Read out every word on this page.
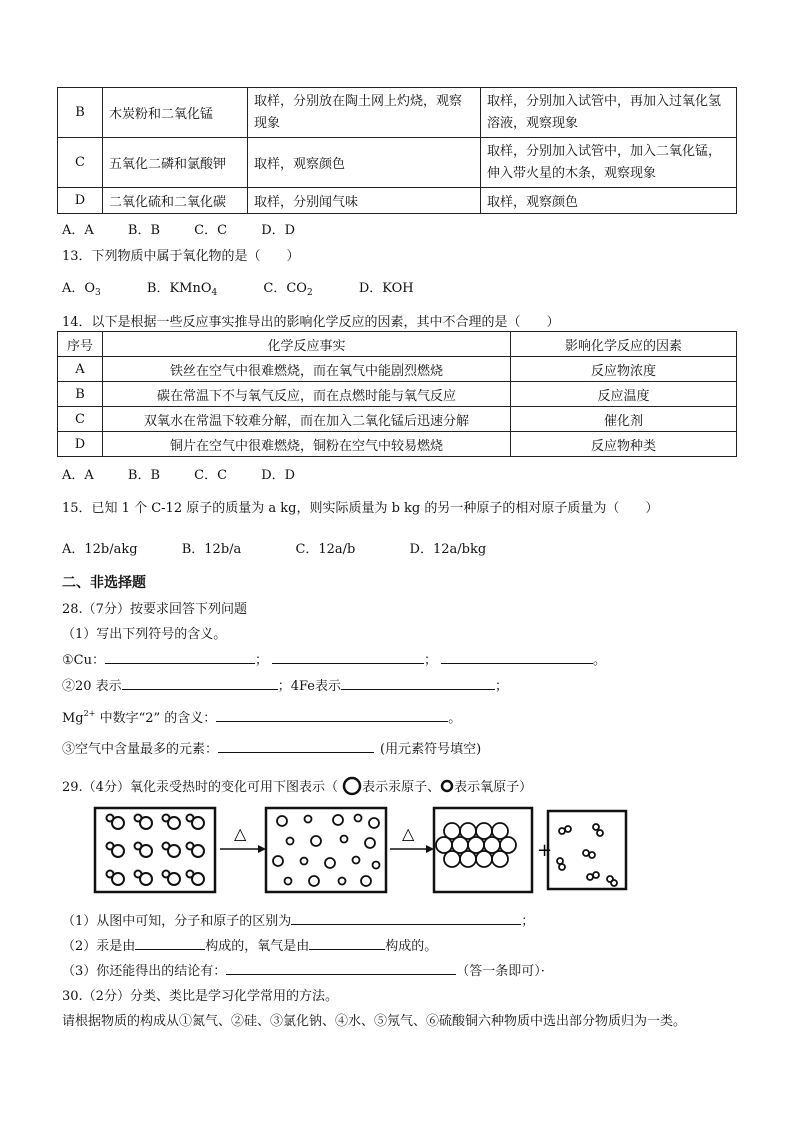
B	木炭粉和二氧化锰	取样，分别放在陶土网上灼烧，观察现象	取样，分别加入试管中，再加入过氧化氢溶液，观察现象
C	五氧化二磷和氯酸钾	取样，观察颜色	取样，分别加入试管中，加入二氧化锰，伸入带火星的木条，观察现象
D	二氧化硫和二氧化碳	取样，分别闻气味	取样，观察颜色
A．A	B．B	C．C	D．D
13．下列物质中属于氧化物的是（　　）
A．$O_3$	B．KMnO$_4$	C．$CO_2$	D．KOH
14．以下是根据一些反应事实推导出的影响化学反应的因素，其中不合理的是（　　）
序号	化学反应事实	影响化学反应的因素
A	铁丝在空气中很难燃烧，而在氧气中能剧烈燃烧	反应物浓度
B	碳在常温下不与氧气反应，而在点燃时能与氧气反应	反应温度
C	双氧水在常温下较难分解，而在加入二氧化锰后迅速分解	催化剂
D	铜片在空气中很难燃烧，铜粉在空气中较易燃烧	反应物种类
A．A	B．B	C．C	D．D
15．已知 1 个 C-12 原子的质量为 a kg，则实际质量为 b kg 的另一种原子的相对原子质量为（　　）
A．12b/akg	B．12b/a	C．12a/b	D．12a/bkg
二、非选择题
28.（7分）按要求回答下列问题
（1）写出下列符号的含义。
①Cu：	；	；	。
②20 表示	；4Fe表示	；
$Mg^{2+}$ 中数字“2” 的含义：	。
③空气中含量最多的元素：	(用元素符号填空)
29.（4分）氧化汞受热时的变化可用下图表示（ 表示汞原子、 表示氧原子）
△	△
+
（1）从图中可知，分子和原子的区别为	；
（2）汞是由	构成的，氧气是由	构成的。
（3）你还能得出的结论有：	（答一条即可）·
30.（2分）分类、类比是学习化学常用的方法。
请根据物质的构成从①氮气、②硅、③氯化钠、④水、⑤氖气、⑥硫酸铜六种物质中选出部分物质归为一类。
